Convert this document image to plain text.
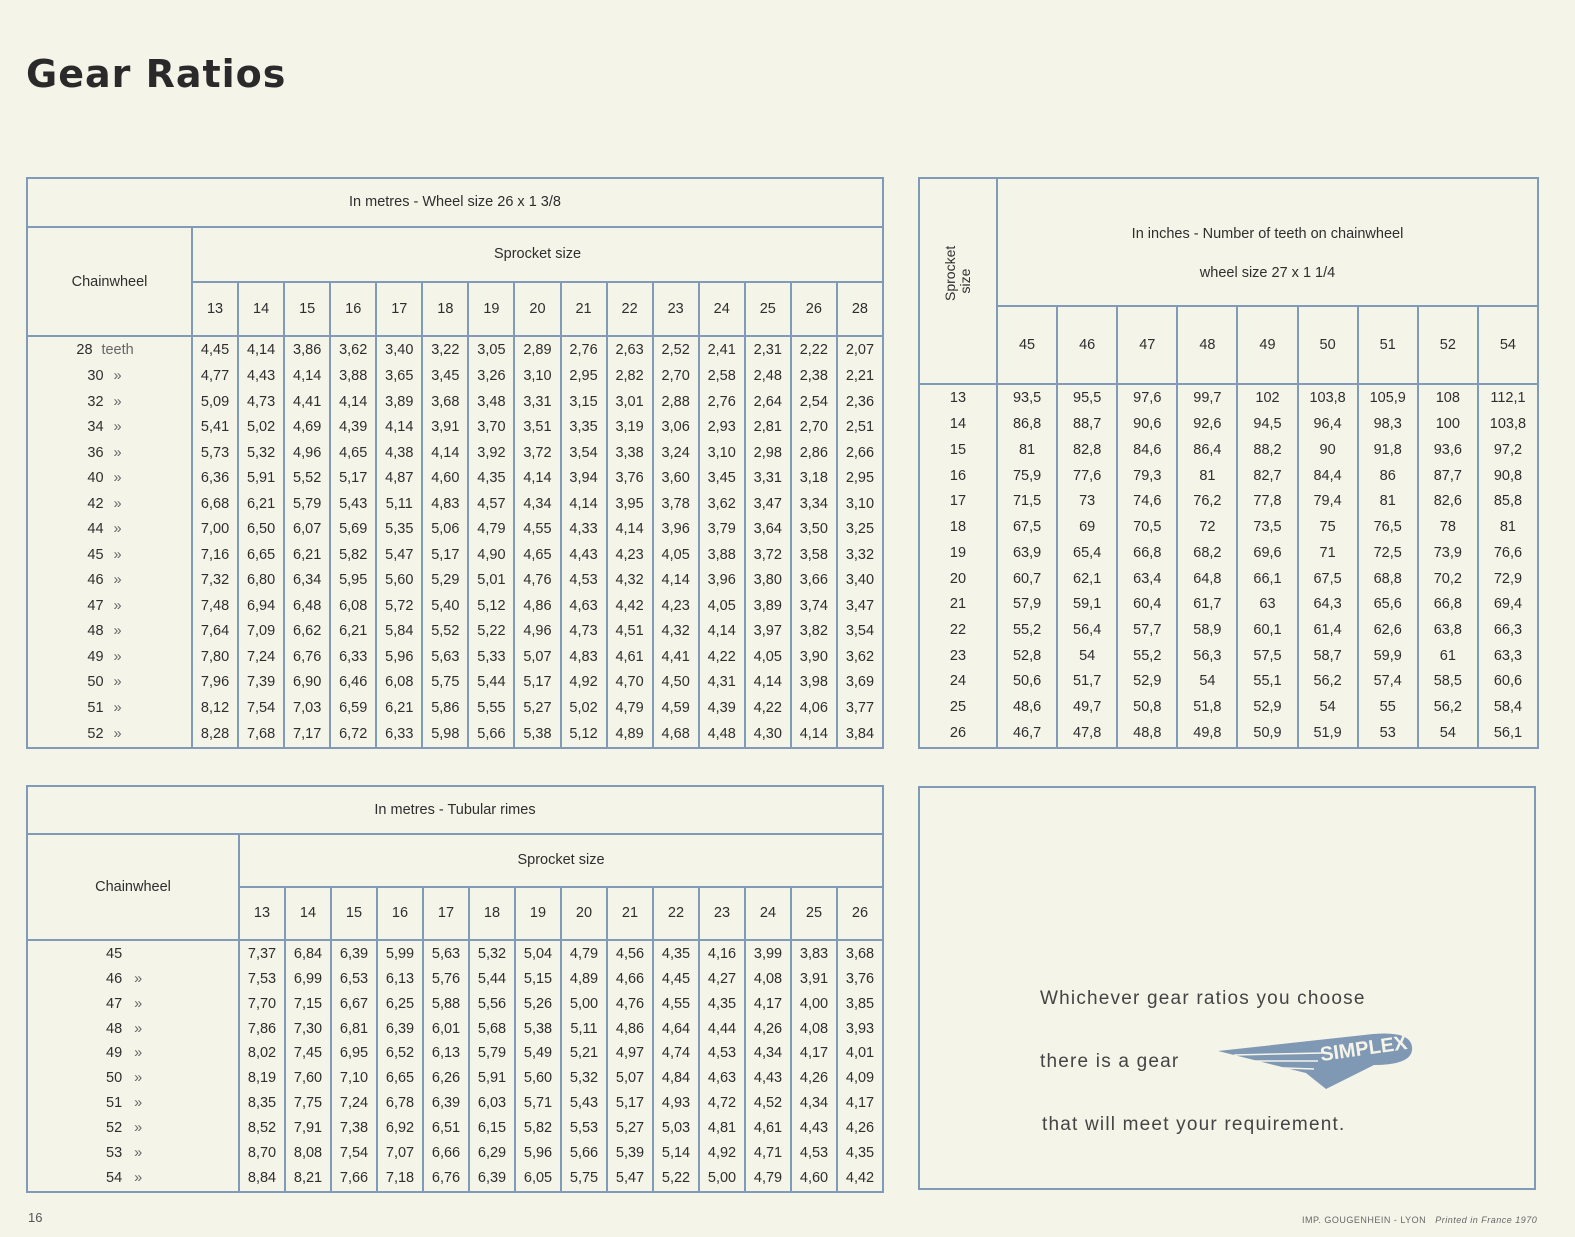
Gear Ratios
In metres - Wheel size 26 x 1 3/8															
Chainwheel	Sprocket size														
	13	14	15	16	17	18	19	20	21	22	23	24	25	26	28
28 teeth	4,45	4,14	3,86	3,62	3,40	3,22	3,05	2,89	2,76	2,63	2,52	2,41	2,31	2,22	2,07
30 »	4,77	4,43	4,14	3,88	3,65	3,45	3,26	3,10	2,95	2,82	2,70	2,58	2,48	2,38	2,21
32 »	5,09	4,73	4,41	4,14	3,89	3,68	3,48	3,31	3,15	3,01	2,88	2,76	2,64	2,54	2,36
34 »	5,41	5,02	4,69	4,39	4,14	3,91	3,70	3,51	3,35	3,19	3,06	2,93	2,81	2,70	2,51
36 »	5,73	5,32	4,96	4,65	4,38	4,14	3,92	3,72	3,54	3,38	3,24	3,10	2,98	2,86	2,66
40 »	6,36	5,91	5,52	5,17	4,87	4,60	4,35	4,14	3,94	3,76	3,60	3,45	3,31	3,18	2,95
42 »	6,68	6,21	5,79	5,43	5,11	4,83	4,57	4,34	4,14	3,95	3,78	3,62	3,47	3,34	3,10
44 »	7,00	6,50	6,07	5,69	5,35	5,06	4,79	4,55	4,33	4,14	3,96	3,79	3,64	3,50	3,25
45 »	7,16	6,65	6,21	5,82	5,47	5,17	4,90	4,65	4,43	4,23	4,05	3,88	3,72	3,58	3,32
46 »	7,32	6,80	6,34	5,95	5,60	5,29	5,01	4,76	4,53	4,32	4,14	3,96	3,80	3,66	3,40
47 »	7,48	6,94	6,48	6,08	5,72	5,40	5,12	4,86	4,63	4,42	4,23	4,05	3,89	3,74	3,47
48 »	7,64	7,09	6,62	6,21	5,84	5,52	5,22	4,96	4,73	4,51	4,32	4,14	3,97	3,82	3,54
49 »	7,80	7,24	6,76	6,33	5,96	5,63	5,33	5,07	4,83	4,61	4,41	4,22	4,05	3,90	3,62
50 »	7,96	7,39	6,90	6,46	6,08	5,75	5,44	5,17	4,92	4,70	4,50	4,31	4,14	3,98	3,69
51 »	8,12	7,54	7,03	6,59	6,21	5,86	5,55	5,27	5,02	4,79	4,59	4,39	4,22	4,06	3,77
52 »	8,28	7,68	7,17	6,72	6,33	5,98	5,66	5,38	5,12	4,89	4,68	4,48	4,30	4,14	3,84
Sprocket size	In inches - Number of teeth on chainwheel								
	wheel size 27 x 1 1/4								
	45	46	47	48	49	50	51	52	54
13	93,5	95,5	97,6	99,7	102	103,8	105,9	108	112,1
14	86,8	88,7	90,6	92,6	94,5	96,4	98,3	100	103,8
15	81	82,8	84,6	86,4	88,2	90	91,8	93,6	97,2
16	75,9	77,6	79,3	81	82,7	84,4	86	87,7	90,8
17	71,5	73	74,6	76,2	77,8	79,4	81	82,6	85,8
18	67,5	69	70,5	72	73,5	75	76,5	78	81
19	63,9	65,4	66,8	68,2	69,6	71	72,5	73,9	76,6
20	60,7	62,1	63,4	64,8	66,1	67,5	68,8	70,2	72,9
21	57,9	59,1	60,4	61,7	63	64,3	65,6	66,8	69,4
22	55,2	56,4	57,7	58,9	60,1	61,4	62,6	63,8	66,3
23	52,8	54	55,2	56,3	57,5	58,7	59,9	61	63,3
24	50,6	51,7	52,9	54	55,1	56,2	57,4	58,5	60,6
25	48,6	49,7	50,8	51,8	52,9	54	55	56,2	58,4
26	46,7	47,8	48,8	49,8	50,9	51,9	53	54	56,1
In metres - Tubular rimes														
Chainwheel	Sprocket size													
	13	14	15	16	17	18	19	20	21	22	23	24	25	26
45	7,37	6,84	6,39	5,99	5,63	5,32	5,04	4,79	4,56	4,35	4,16	3,99	3,83	3,68
46 »	7,53	6,99	6,53	6,13	5,76	5,44	5,15	4,89	4,66	4,45	4,27	4,08	3,91	3,76
47 »	7,70	7,15	6,67	6,25	5,88	5,56	5,26	5,00	4,76	4,55	4,35	4,17	4,00	3,85
48 »	7,86	7,30	6,81	6,39	6,01	5,68	5,38	5,11	4,86	4,64	4,44	4,26	4,08	3,93
49 »	8,02	7,45	6,95	6,52	6,13	5,79	5,49	5,21	4,97	4,74	4,53	4,34	4,17	4,01
50 »	8,19	7,60	7,10	6,65	6,26	5,91	5,60	5,32	5,07	4,84	4,63	4,43	4,26	4,09
51 »	8,35	7,75	7,24	6,78	6,39	6,03	5,71	5,43	5,17	4,93	4,72	4,52	4,34	4,17
52 »	8,52	7,91	7,38	6,92	6,51	6,15	5,82	5,53	5,27	5,03	4,81	4,61	4,43	4,26
53 »	8,70	8,08	7,54	7,07	6,66	6,29	5,96	5,66	5,39	5,14	4,92	4,71	4,53	4,35
54 »	8,84	8,21	7,66	7,18	6,76	6,39	6,05	5,75	5,47	5,22	5,00	4,79	4,60	4,42
Whichever gear ratios you choose
there is a gear
that will meet your requirement.
SIMPLEX
16	IMP. GOUGENHEIN - LYON Printed in France 1970
